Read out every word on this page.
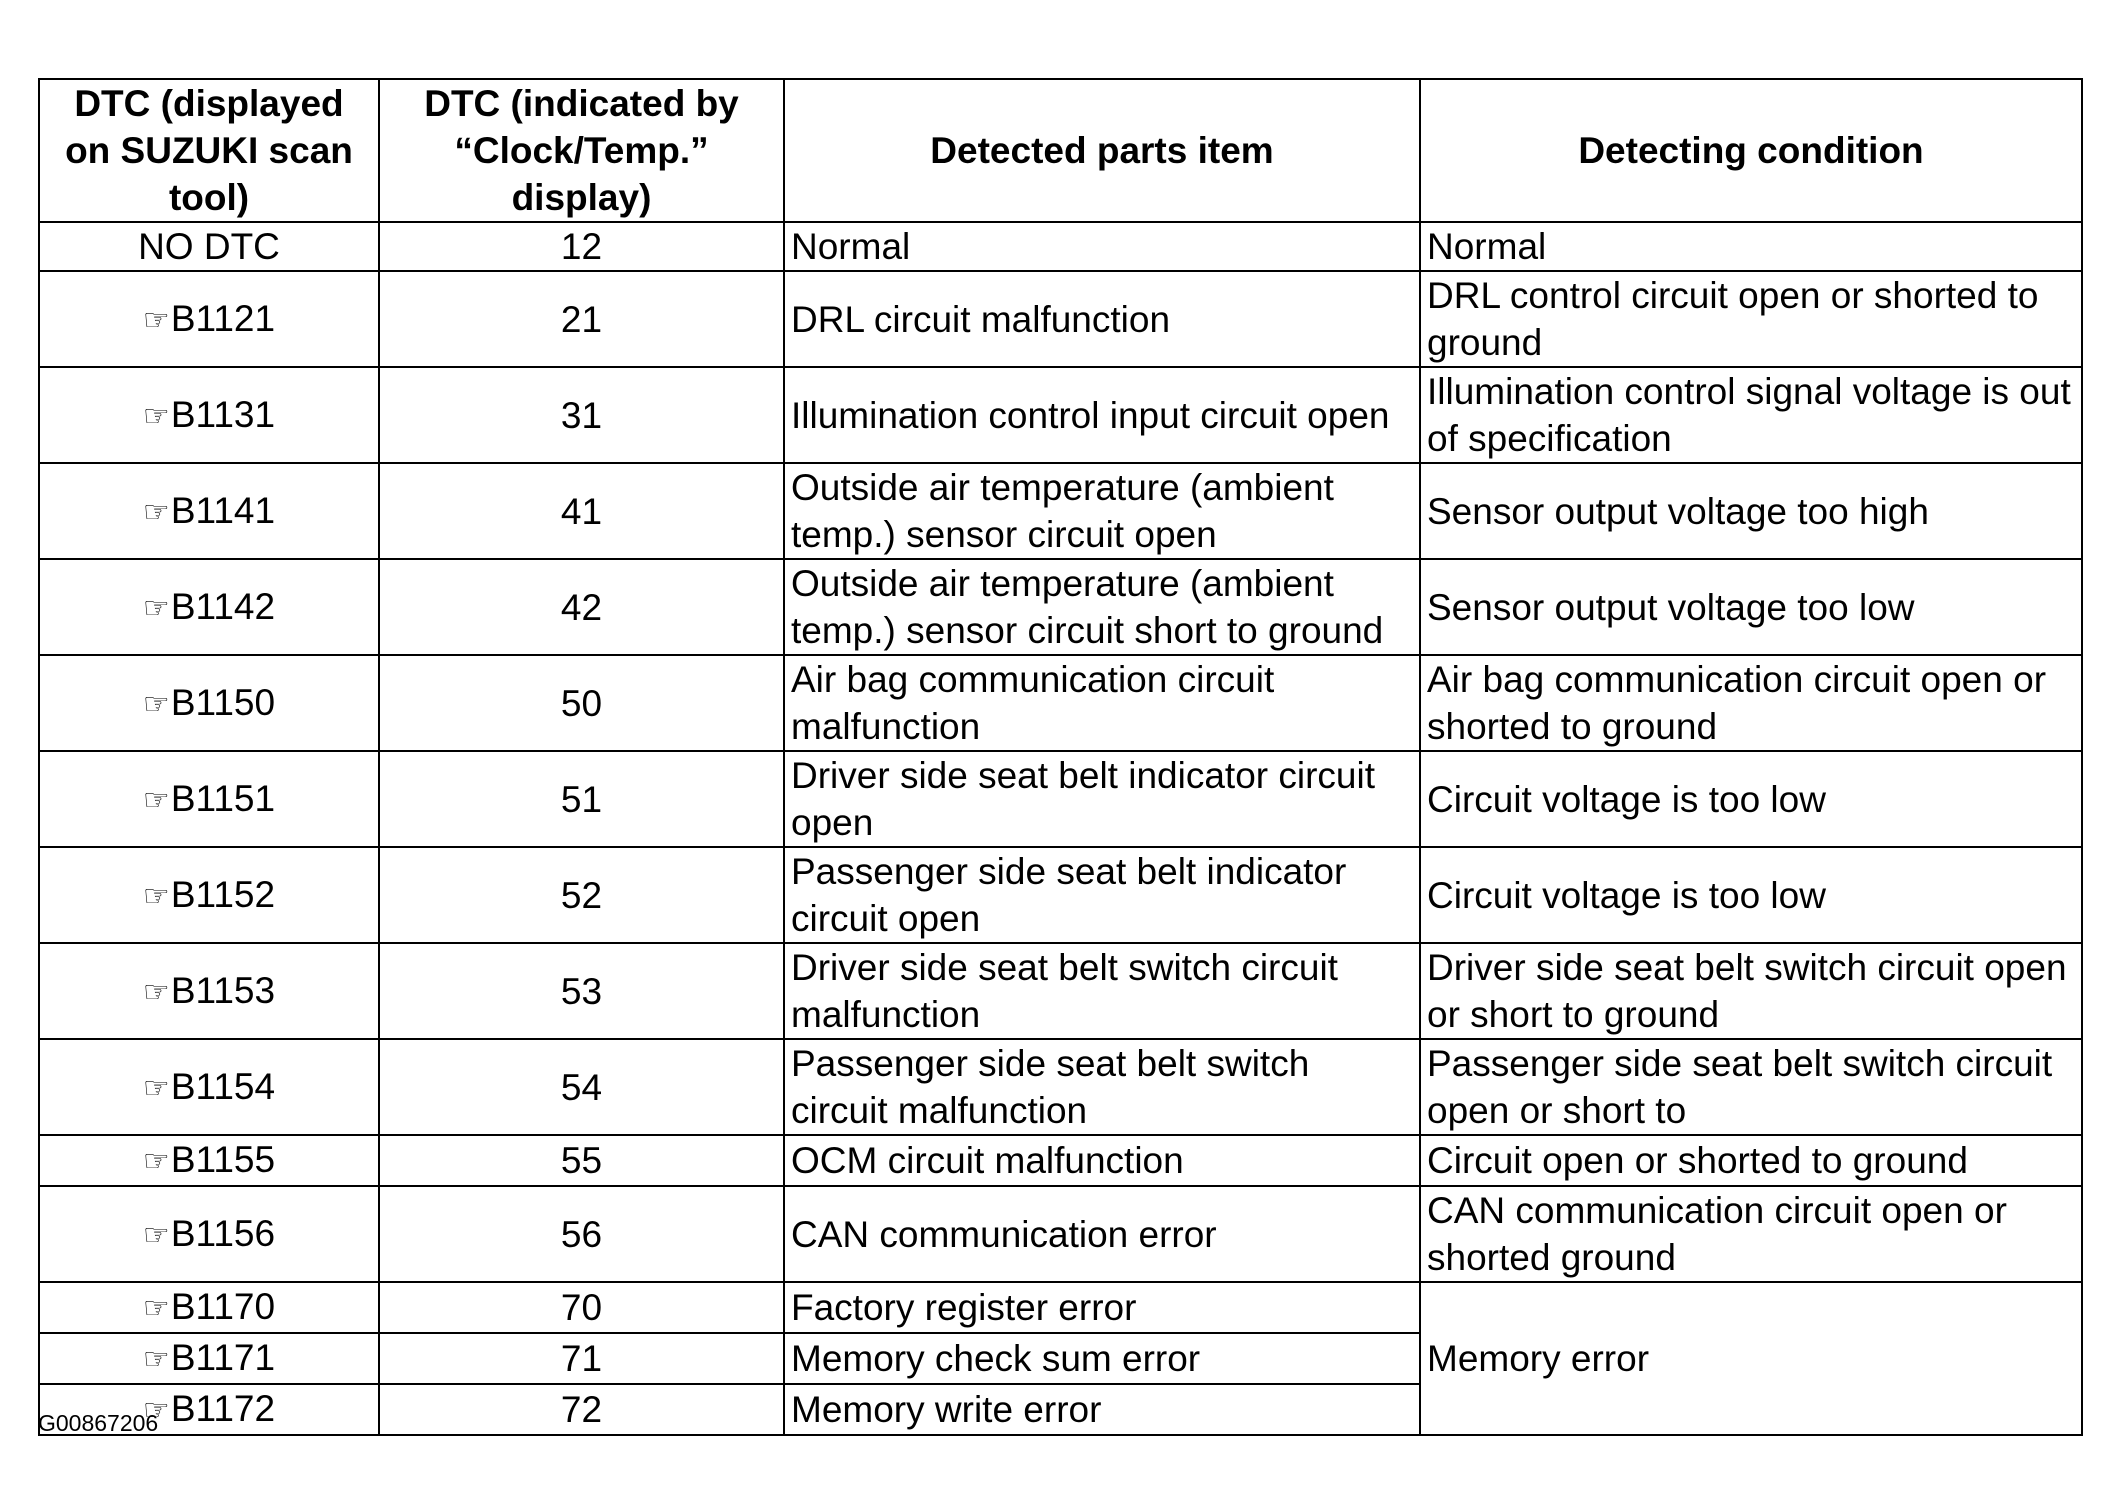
DTC (displayed on SUZUKI scan tool)	DTC (indicated by “Clock/Temp.” display)	Detected parts item	Detecting condition
NO DTC	12	Normal	Normal
☞B1121	21	DRL circuit malfunction	DRL control circuit open or shorted to ground
☞B1131	31	Illumination control input circuit open	Illumination control signal voltage is out of specification
☞B1141	41	Outside air temperature (ambient temp.) sensor circuit open	Sensor output voltage too high
☞B1142	42	Outside air temperature (ambient temp.) sensor circuit short to ground	Sensor output voltage too low
☞B1150	50	Air bag communication circuit malfunction	Air bag communication circuit open or shorted to ground
☞B1151	51	Driver side seat belt indicator circuit open	Circuit voltage is too low
☞B1152	52	Passenger side seat belt indicator circuit open	Circuit voltage is too low
☞B1153	53	Driver side seat belt switch circuit malfunction	Driver side seat belt switch circuit open or short to ground
☞B1154	54	Passenger side seat belt switch circuit malfunction	Passenger side seat belt switch circuit open or short to
☞B1155	55	OCM circuit malfunction	Circuit open or shorted to ground
☞B1156	56	CAN communication error	CAN communication circuit open or shorted ground
☞B1170	70	Factory register error	Memory error
☞B1171	71	Memory check sum error	
☞B1172	72	Memory write error	
G00867206
